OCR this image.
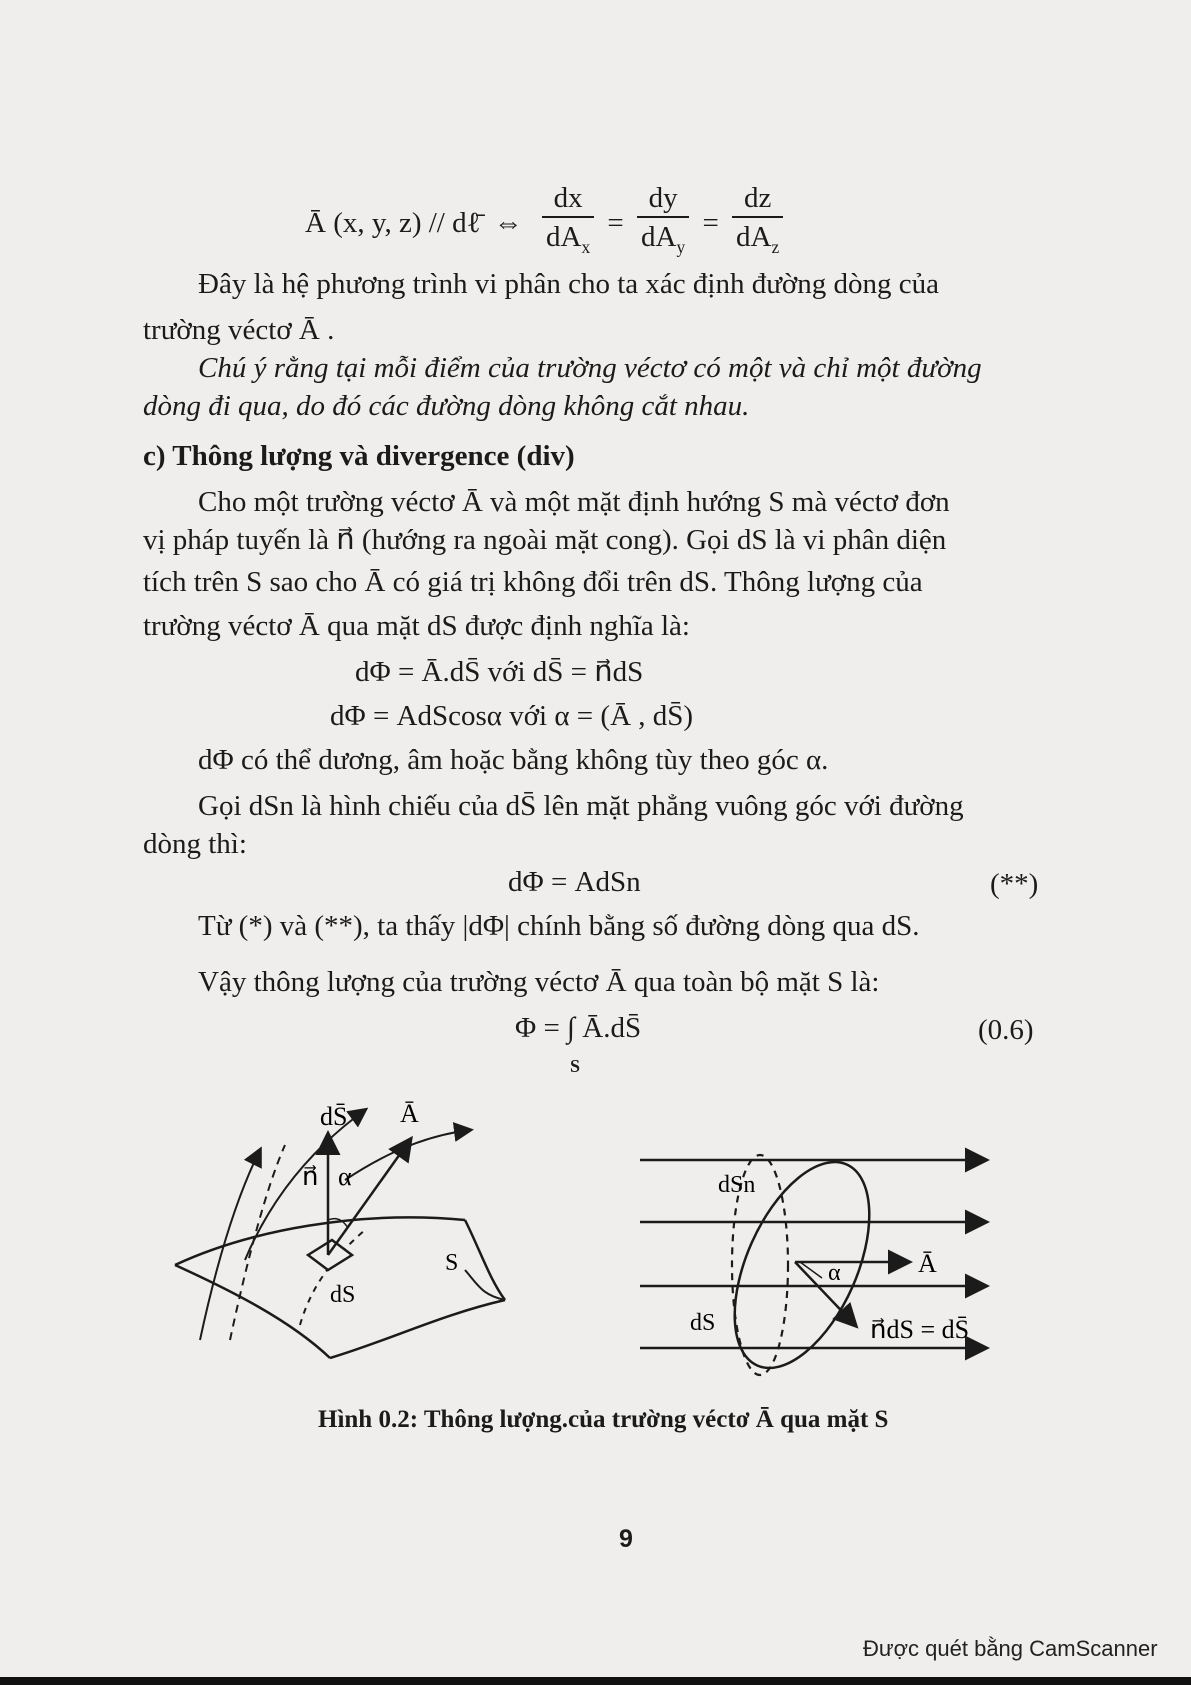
Ā (x, y, z) // dℓ̄ ⇔ $\frac{dx}{dA_x} = \frac{dy}{dA_y} = \frac{dz}{dA_z}$
Đây là hệ phương trình vi phân cho ta xác định đường dòng của
trường véctơ Ā .
Chú ý rằng tại mỗi điểm của trường véctơ có một và chỉ một đường
dòng đi qua, do đó các đường dòng không cắt nhau.
c) Thông lượng và divergence (div)
Cho một trường véctơ Ā và một mặt định hướng S mà véctơ đơn
vị pháp tuyến là n⃗ (hướng ra ngoài mặt cong). Gọi dS là vi phân diện
tích trên S sao cho Ā có giá trị không đổi trên dS. Thông lượng của
trường véctơ Ā qua mặt dS được định nghĩa là:
dΦ = Ā.dS̄ với dS̄ = n⃗dS
dΦ = AdScosα với α = (Ā , dS̄)
dΦ có thể dương, âm hoặc bằng không tùy theo góc α.
Gọi dSn là hình chiếu của dS̄ lên mặt phẳng vuông góc với đường
dòng thì:
dΦ = AdSn	(**)
Từ (*) và (**), ta thấy |dΦ| chính bằng số đường dòng qua dS.
Vậy thông lượng của trường véctơ Ā qua toàn bộ mặt S là:
Φ = ∫ Ā.dS̄
S
(0.6)
dS̄ Ā
n⃗ α
dS
S
dSn
dS
α	Ā
n⃗dS = dS̄
Hình 0.2: Thông lượng.của trường véctơ Ā qua mặt S
9
Được quét bằng CamScanner
